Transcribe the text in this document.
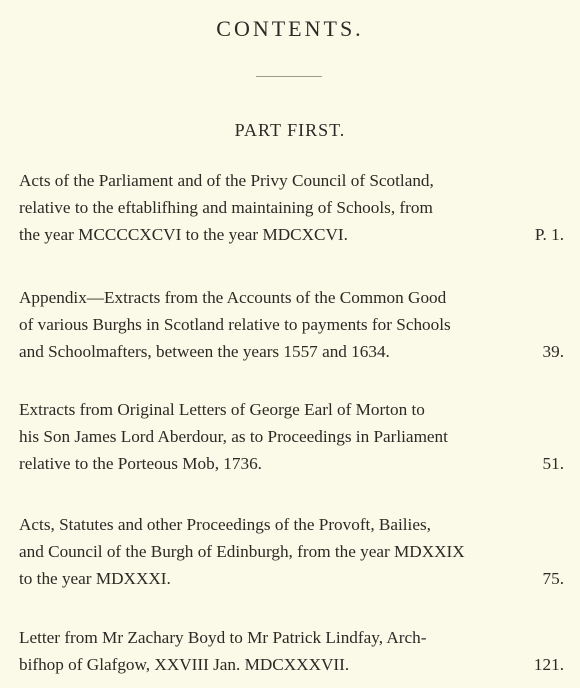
CONTENTS.
PART FIRST.
Acts of the Parliament and of the Privy Council of Scotland,
relative to the eftablifhing and maintaining of Schools, from
the year MCCCCXCVI to the year MDCXCVI.	P. 1.
Appendix—Extracts from the Accounts of the Common Good
of various Burghs in Scotland relative to payments for Schools
and Schoolmafters, between the years 1557 and 1634.	39.
Extracts from Original Letters of George Earl of Morton to
his Son James Lord Aberdour, as to Proceedings in Parliament
relative to the Porteous Mob, 1736.	51.
Acts, Statutes and other Proceedings of the Provoft, Bailies,
and Council of the Burgh of Edinburgh, from the year MDXXIX
to the year MDXXXI.	75.
Letter from Mr Zachary Boyd to Mr Patrick Lindfay, Arch-
bifhop of Glafgow, XXVIII Jan. MDCXXXVII.	121.
